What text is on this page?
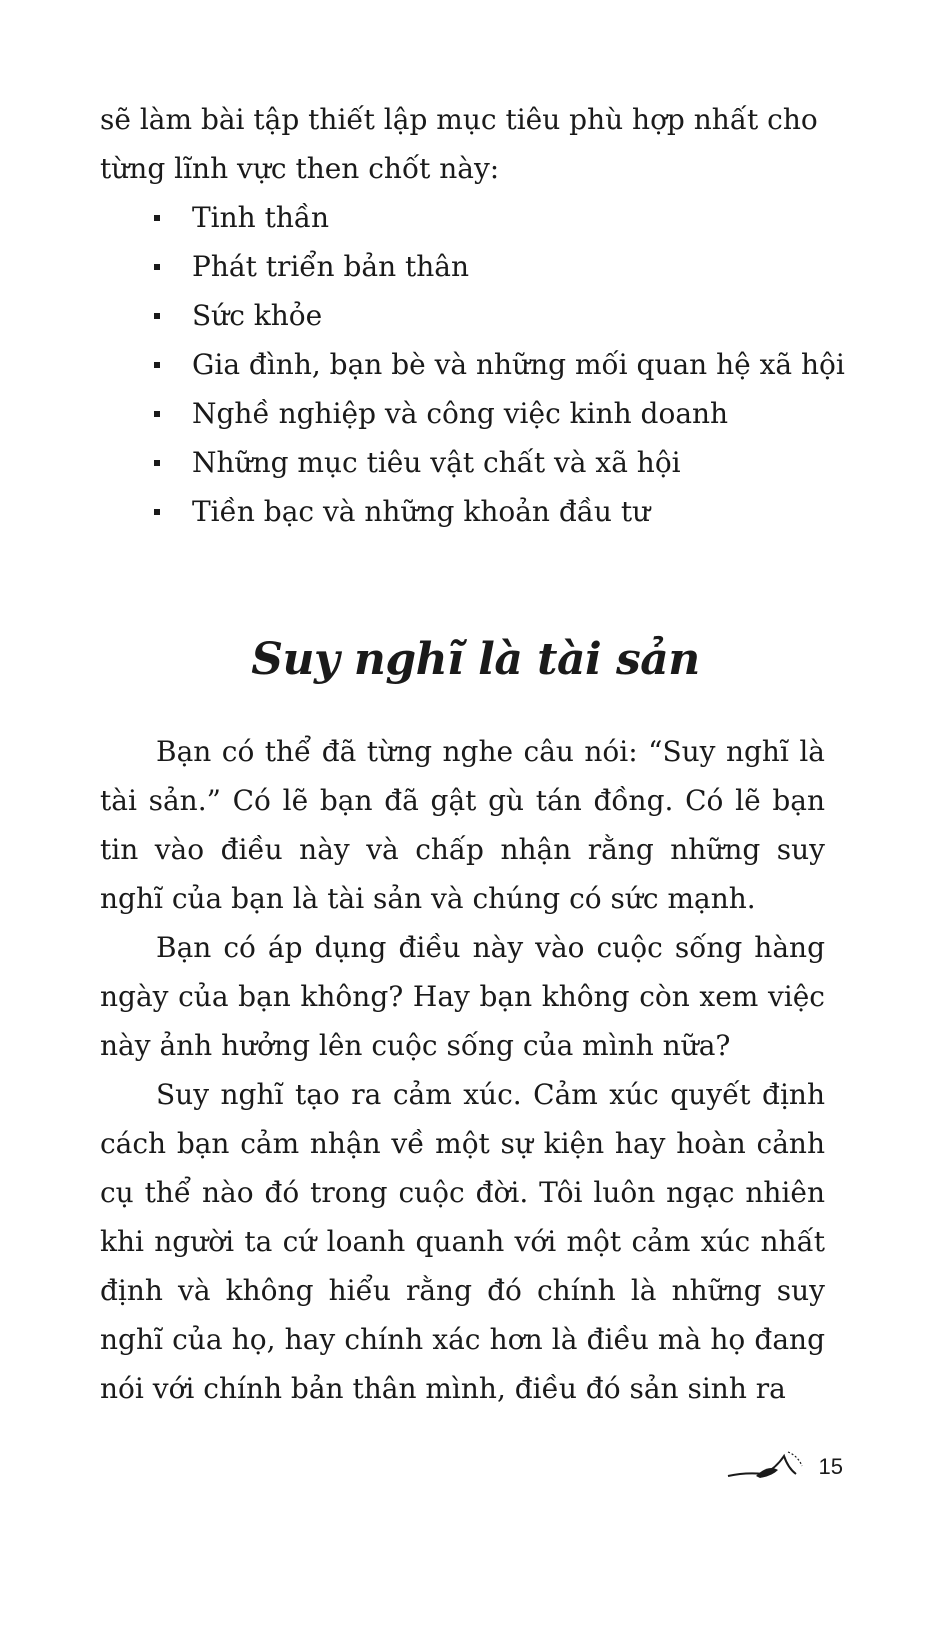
sẽ làm bài tập thiết lập mục tiêu phù hợp nhất cho từng lĩnh vực then chốt này:

Tinh thần
Phát triển bản thân
Sức khỏe
Gia đình, bạn bè và những mối quan hệ xã hội
Nghề nghiệp và công việc kinh doanh
Những mục tiêu vật chất và xã hội
Tiền bạc và những khoản đầu tư
Suy nghĩ là tài sản

Bạn có thể đã từng nghe câu nói: “Suy nghĩ là tài sản.” Có lẽ bạn đã gật gù tán đồng. Có lẽ bạn tin vào điều này và chấp nhận rằng những suy nghĩ của bạn là tài sản và chúng có sức mạnh.

Bạn có áp dụng điều này vào cuộc sống hàng ngày của bạn không? Hay bạn không còn xem việc này ảnh hưởng lên cuộc sống của mình nữa?

Suy nghĩ tạo ra cảm xúc. Cảm xúc quyết định cách bạn cảm nhận về một sự kiện hay hoàn cảnh cụ thể nào đó trong cuộc đời. Tôi luôn ngạc nhiên khi người ta cứ loanh quanh với một cảm xúc nhất định và không hiểu rằng đó chính là những suy nghĩ của họ, hay chính xác hơn là điều mà họ đang nói với chính bản thân mình, điều đó sản sinh ra

15
